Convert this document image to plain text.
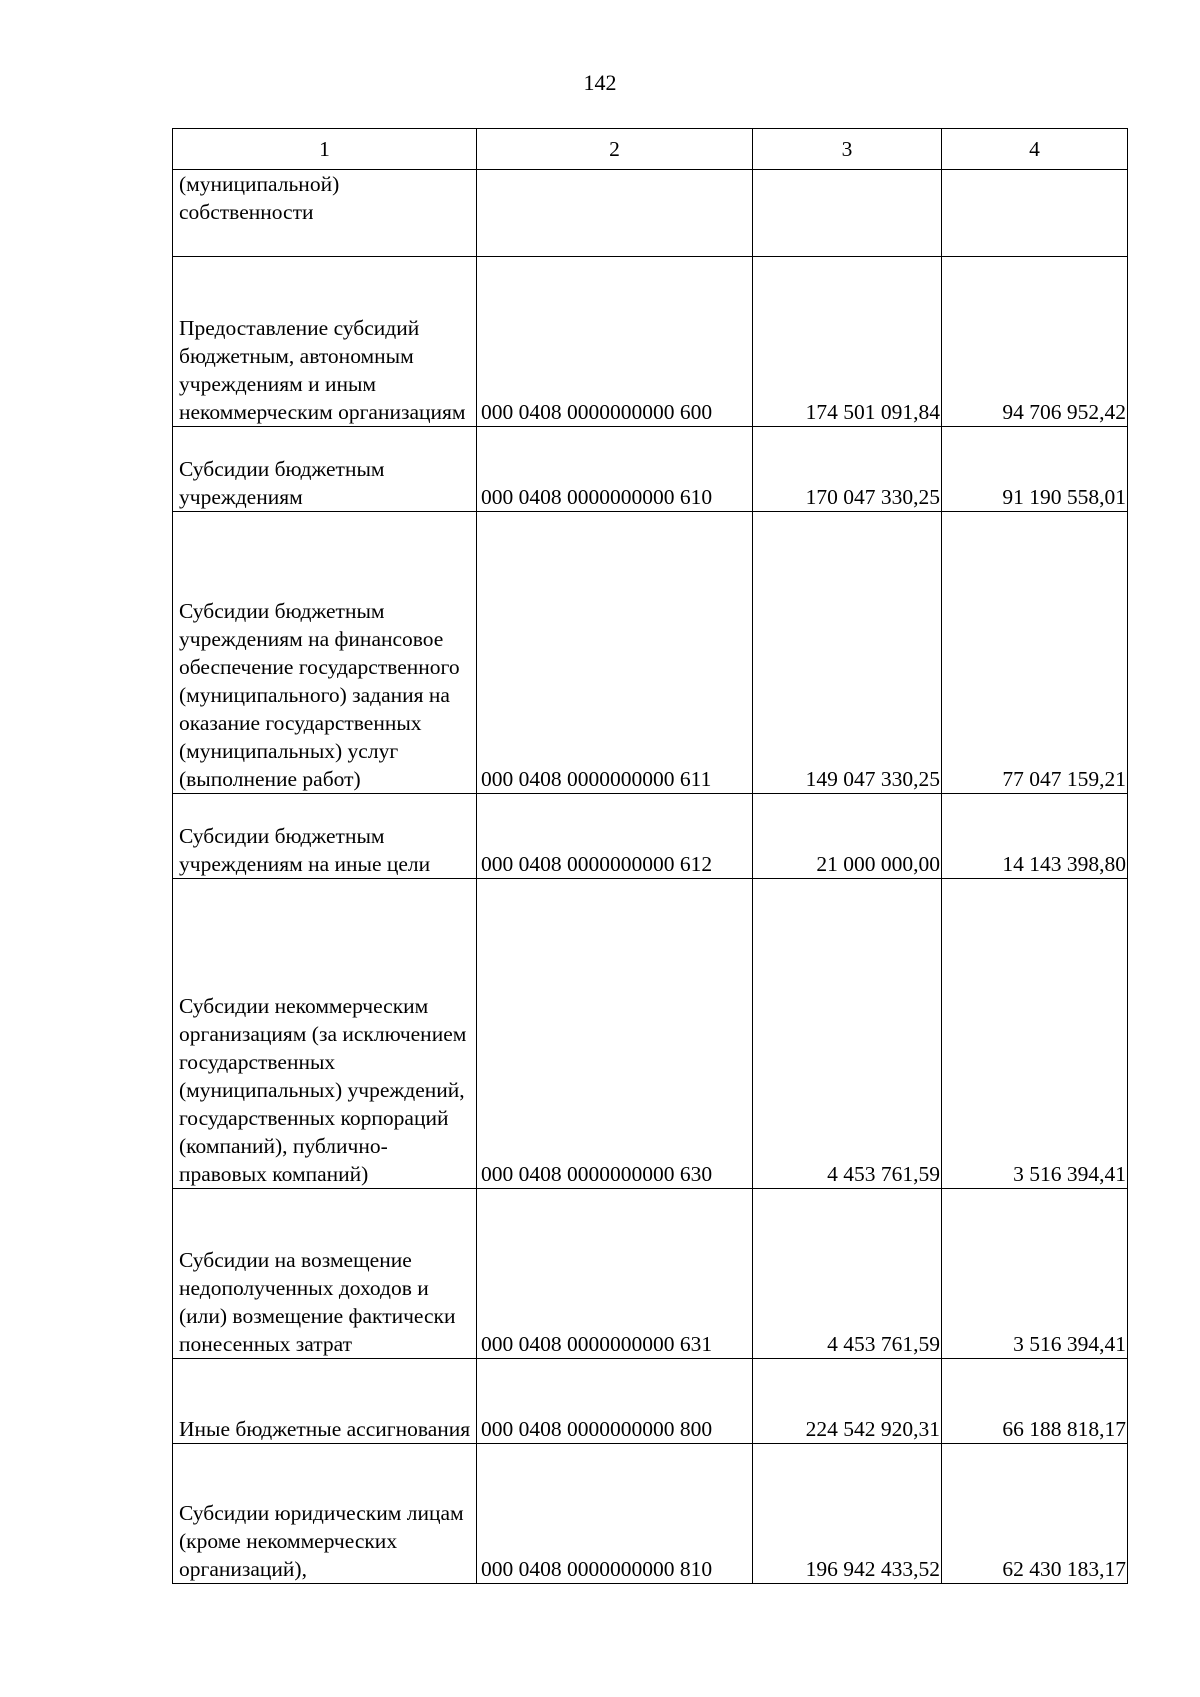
142
1	2	3	4
(муниципальной) собственности			
Предоставление субсидий бюджетным, автономным учреждениям и иным некоммерческим организациям	000 0408 0000000000 600	174 501 091,84	94 706 952,42
Субсидии бюджетным учреждениям	000 0408 0000000000 610	170 047 330,25	91 190 558,01
Субсидии бюджетным учреждениям на финансовое обеспечение государственного (муниципального) задания на оказание государственных (муниципальных) услуг (выполнение работ)	000 0408 0000000000 611	149 047 330,25	77 047 159,21
Субсидии бюджетным учреждениям на иные цели	000 0408 0000000000 612	21 000 000,00	14 143 398,80
Субсидии некоммерческим организациям (за исключением государственных (муниципальных) учреждений, государственных корпораций (компаний), публично-правовых компаний)	000 0408 0000000000 630	4 453 761,59	3 516 394,41
Субсидии на возмещение недополученных доходов и (или) возмещение фактически понесенных затрат	000 0408 0000000000 631	4 453 761,59	3 516 394,41
Иные бюджетные ассигнования	000 0408 0000000000 800	224 542 920,31	66 188 818,17
Субсидии юридическим лицам (кроме некоммерческих организаций),	000 0408 0000000000 810	196 942 433,52	62 430 183,17
